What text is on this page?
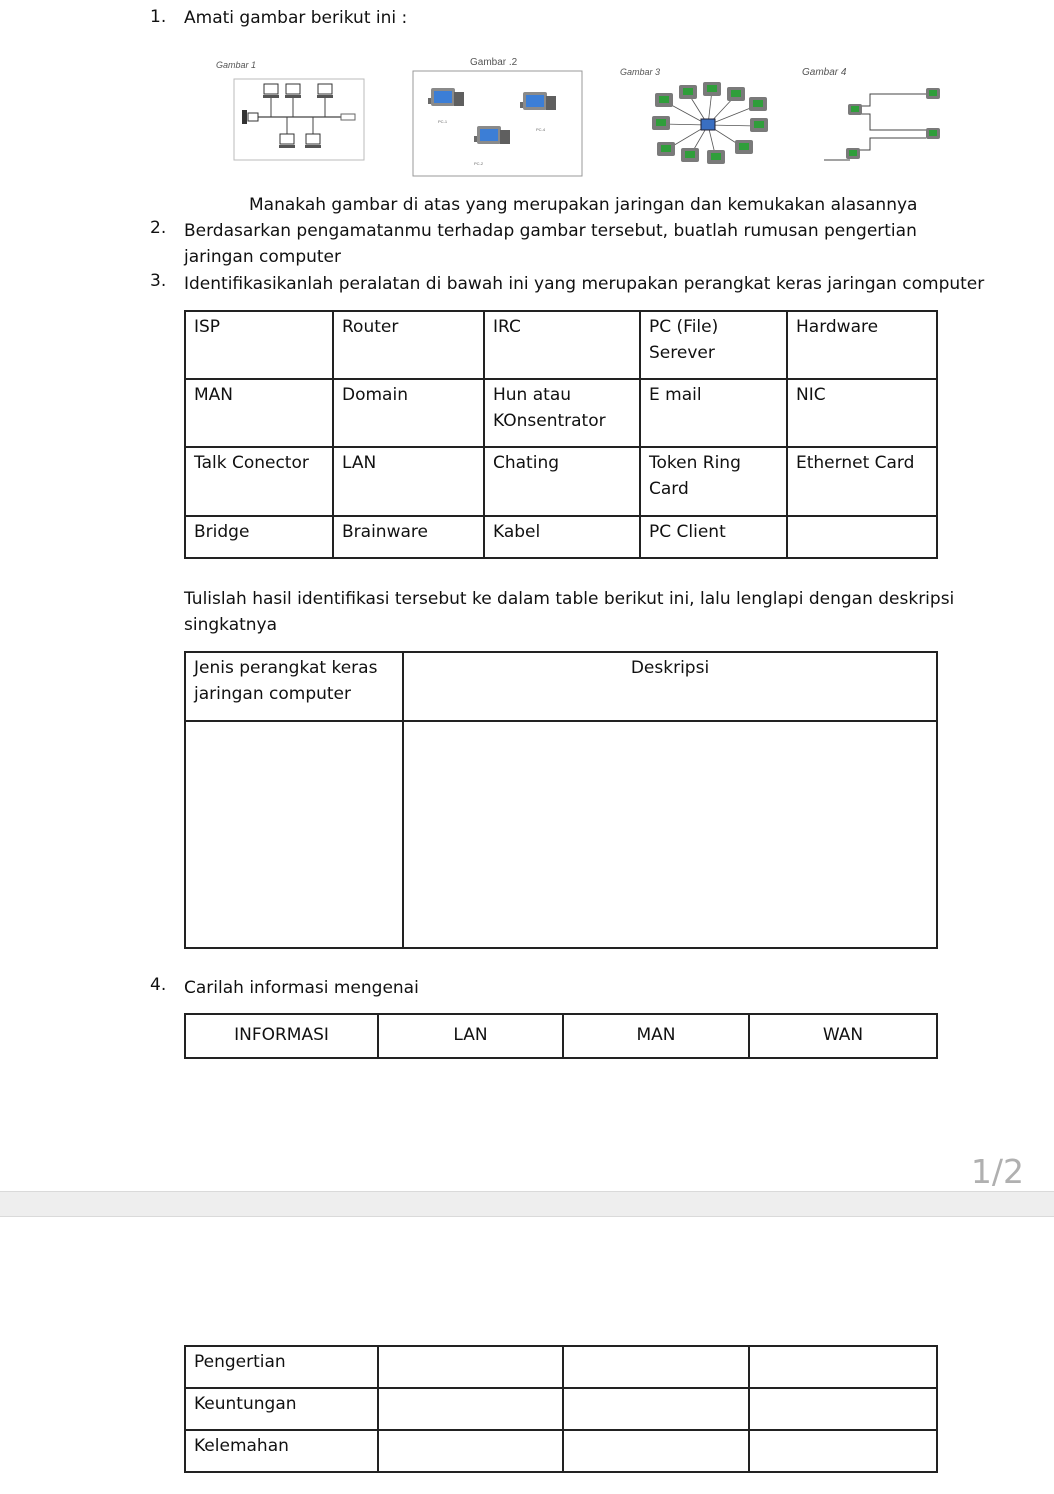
1.	Amati gambar berikut ini :
Gambar 1	Gambar .2
PC-1
PC-4
PC-2
Gambar 3	Gambar 4
Manakah gambar di atas yang merupakan jaringan dan kemukakan alasannya
2.	Berdasarkan pengamatanmu terhadap gambar tersebut, buatlah rumusan pengertian
jaringan computer
3.	Identifikasikanlah peralatan di bawah ini yang merupakan perangkat keras jaringan computer
ISP	Router	IRC	PC (File) Serever	Hardware
MAN	Domain	Hun atau KOnsentrator	E mail	NIC
Talk Conector	LAN	Chating	Token Ring Card	Ethernet Card
Bridge	Brainware	Kabel	PC Client	
Tulislah hasil identifikasi tersebut ke dalam table berikut ini, lalu lenglapi dengan deskripsi
singkatnya
Jenis perangkat keras jaringan computer	Deskripsi

4.	Carilah informasi mengenai
INFORMASI	LAN	MAN	WAN
1/2
Pengertian			
Keuntungan			
Kelemahan			
